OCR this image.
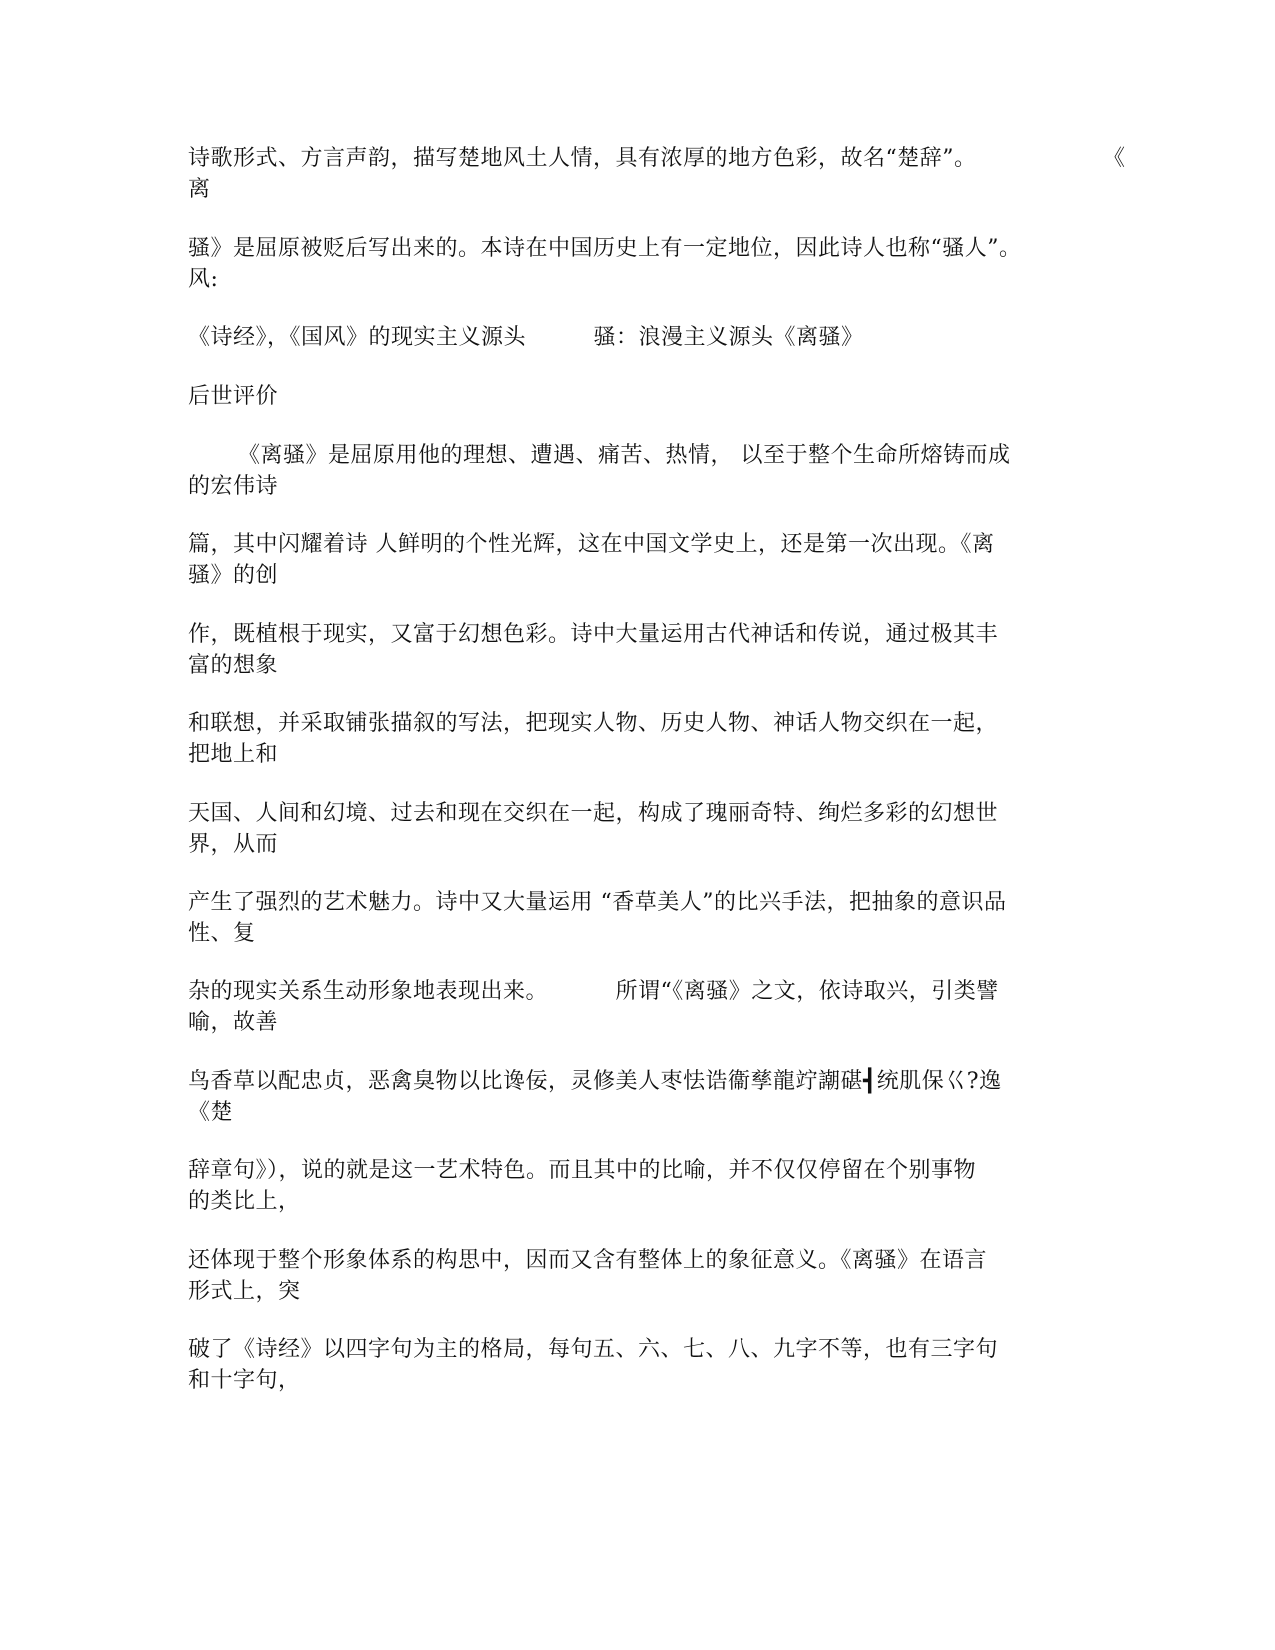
诗歌形式、方言声韵，描写楚地风土人情，具有浓厚的地方色彩，故名“楚辞”。	《
离
骚》是屈原被贬后写出来的。本诗在中国历史上有一定地位，因此诗人也称“骚人”。
风:
《诗经》，《国风》的现实主义源头	骚：浪漫主义源头《离骚》
后世评价
《离骚》是屈原用他的理想、遭遇、痛苦、热情， 以至于整个生命所熔铸而成
的宏伟诗
篇，其中闪耀着诗 人鲜明的个性光辉，这在中国文学史上，还是第一次出现。《离
骚》的创
作，既植根于现实，又富于幻想色彩。诗中大量运用古代神话和传说，通过极其丰
富的想象
和联想，并采取铺张描叙的写法，把现实人物、历史人物、神话人物交织在一起，
把地上和
天国、人间和幻境、过去和现在交织在一起，构成了瑰丽奇特、绚烂多彩的幻想世
界，从而
产生了强烈的艺术魅力。诗中又大量运用 “香草美人”的比兴手法，把抽象的意识品
性、复
杂的现实关系生动形象地表现出来。	所谓“《离骚》之文，依诗取兴，引类譬
喻，故善
鸟香草以配忠贞，恶禽臭物以比谗佞，灵修美人枣怯诰衞孳龍竚謿碪┫统肌保巜?逸
《楚
辞章句》），说的就是这一艺术特色。而且其中的比喻，并不仅仅停留在个别事物
的类比上，
还体现于整个形象体系的构思中，因而又含有整体上的象征意义。《离骚》在语言
形式上，突
破了《诗经》以四字句为主的格局，每句五、六、七、八、九字不等，也有三字句
和十字句，
